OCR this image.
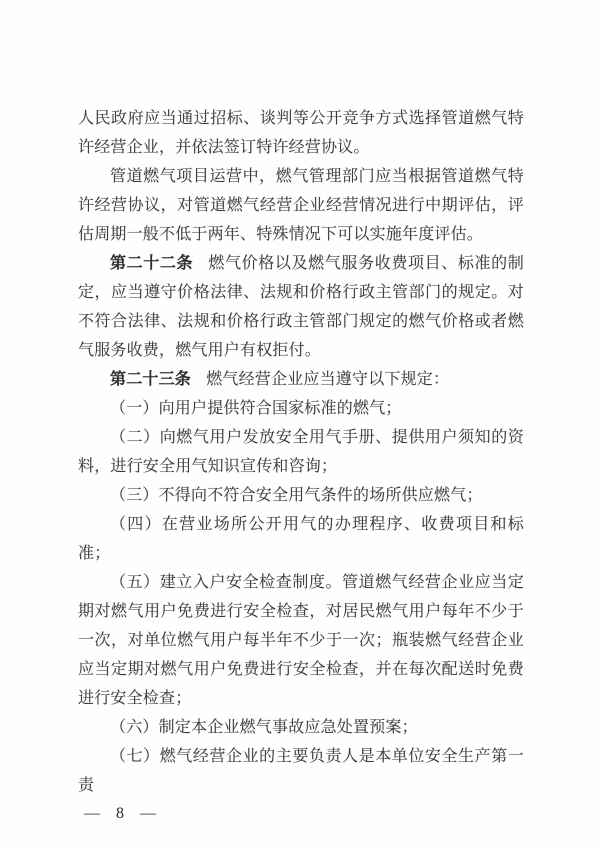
人民政府应当通过招标、谈判等公开竞争方式选择管道燃气特许经营企业，并依法签订特许经营协议。

管道燃气项目运营中，燃气管理部门应当根据管道燃气特许经营协议，对管道燃气经营企业经营情况进行中期评估，评估周期一般不低于两年、特殊情况下可以实施年度评估。

第二十二条 燃气价格以及燃气服务收费项目、标准的制定，应当遵守价格法律、法规和价格行政主管部门的规定。对不符合法律、法规和价格行政主管部门规定的燃气价格或者燃气服务收费，燃气用户有权拒付。

第二十三条 燃气经营企业应当遵守以下规定：

（一）向用户提供符合国家标准的燃气；

（二）向燃气用户发放安全用气手册、提供用户须知的资料，进行安全用气知识宣传和咨询；

（三）不得向不符合安全用气条件的场所供应燃气；

（四）在营业场所公开用气的办理程序、收费项目和标准；

（五）建立入户安全检查制度。管道燃气经营企业应当定期对燃气用户免费进行安全检查，对居民燃气用户每年不少于一次，对单位燃气用户每半年不少于一次；瓶装燃气经营企业应当定期对燃气用户免费进行安全检查，并在每次配送时免费进行安全检查；

（六）制定本企业燃气事故应急处置预案；

（七）燃气经营企业的主要负责人是本单位安全生产第一责

— 8 —
